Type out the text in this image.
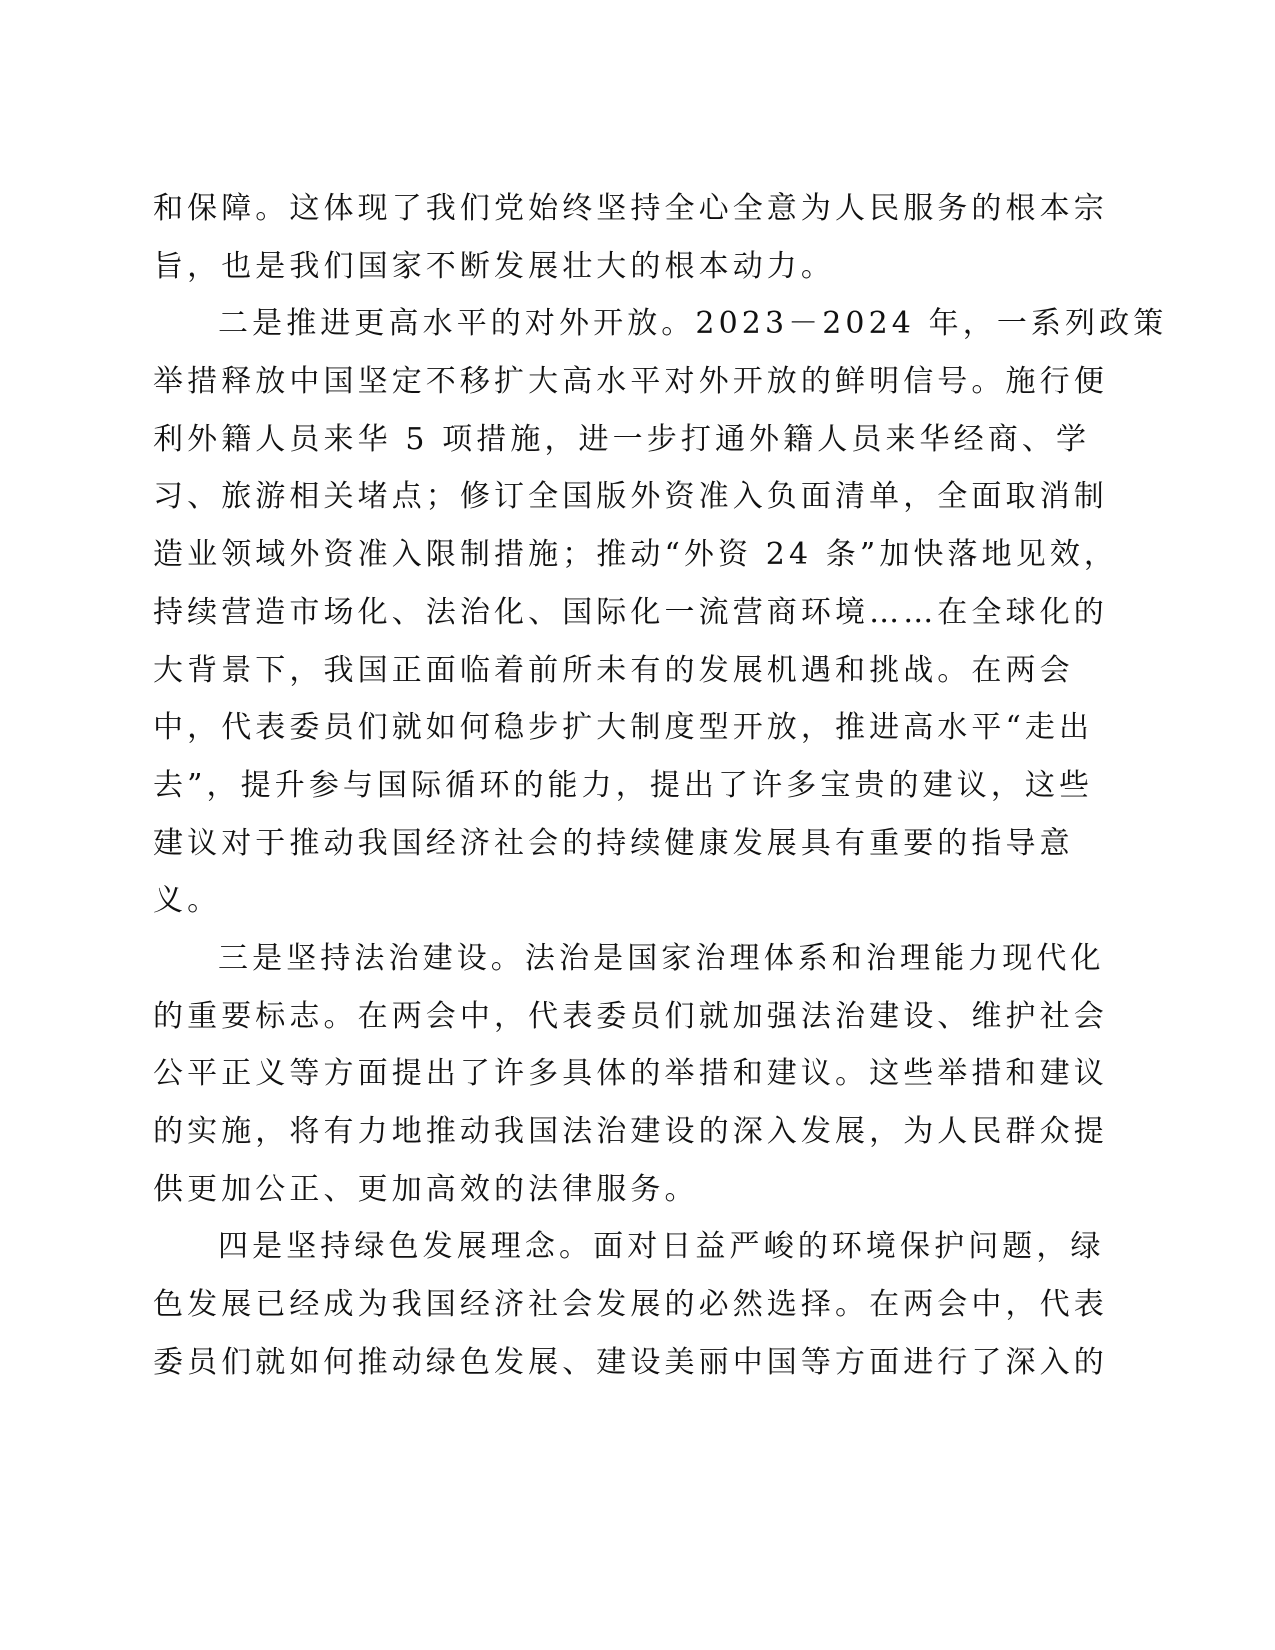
和保障。这体现了我们党始终坚持全心全意为人民服务的根本宗
旨，也是我们国家不断发展壮大的根本动力。
二是推进更高水平的对外开放。2023－2024 年，一系列政策
举措释放中国坚定不移扩大高水平对外开放的鲜明信号。施行便
利外籍人员来华 5 项措施，进一步打通外籍人员来华经商、学
习、旅游相关堵点；修订全国版外资准入负面清单，全面取消制
造业领域外资准入限制措施；推动“外资 24 条”加快落地见效，
持续营造市场化、法治化、国际化一流营商环境……在全球化的
大背景下，我国正面临着前所未有的发展机遇和挑战。在两会
中，代表委员们就如何稳步扩大制度型开放，推进高水平“走出
去”，提升参与国际循环的能力，提出了许多宝贵的建议，这些
建议对于推动我国经济社会的持续健康发展具有重要的指导意
义。
三是坚持法治建设。法治是国家治理体系和治理能力现代化
的重要标志。在两会中，代表委员们就加强法治建设、维护社会
公平正义等方面提出了许多具体的举措和建议。这些举措和建议
的实施，将有力地推动我国法治建设的深入发展，为人民群众提
供更加公正、更加高效的法律服务。
四是坚持绿色发展理念。面对日益严峻的环境保护问题，绿
色发展已经成为我国经济社会发展的必然选择。在两会中，代表
委员们就如何推动绿色发展、建设美丽中国等方面进行了深入的
